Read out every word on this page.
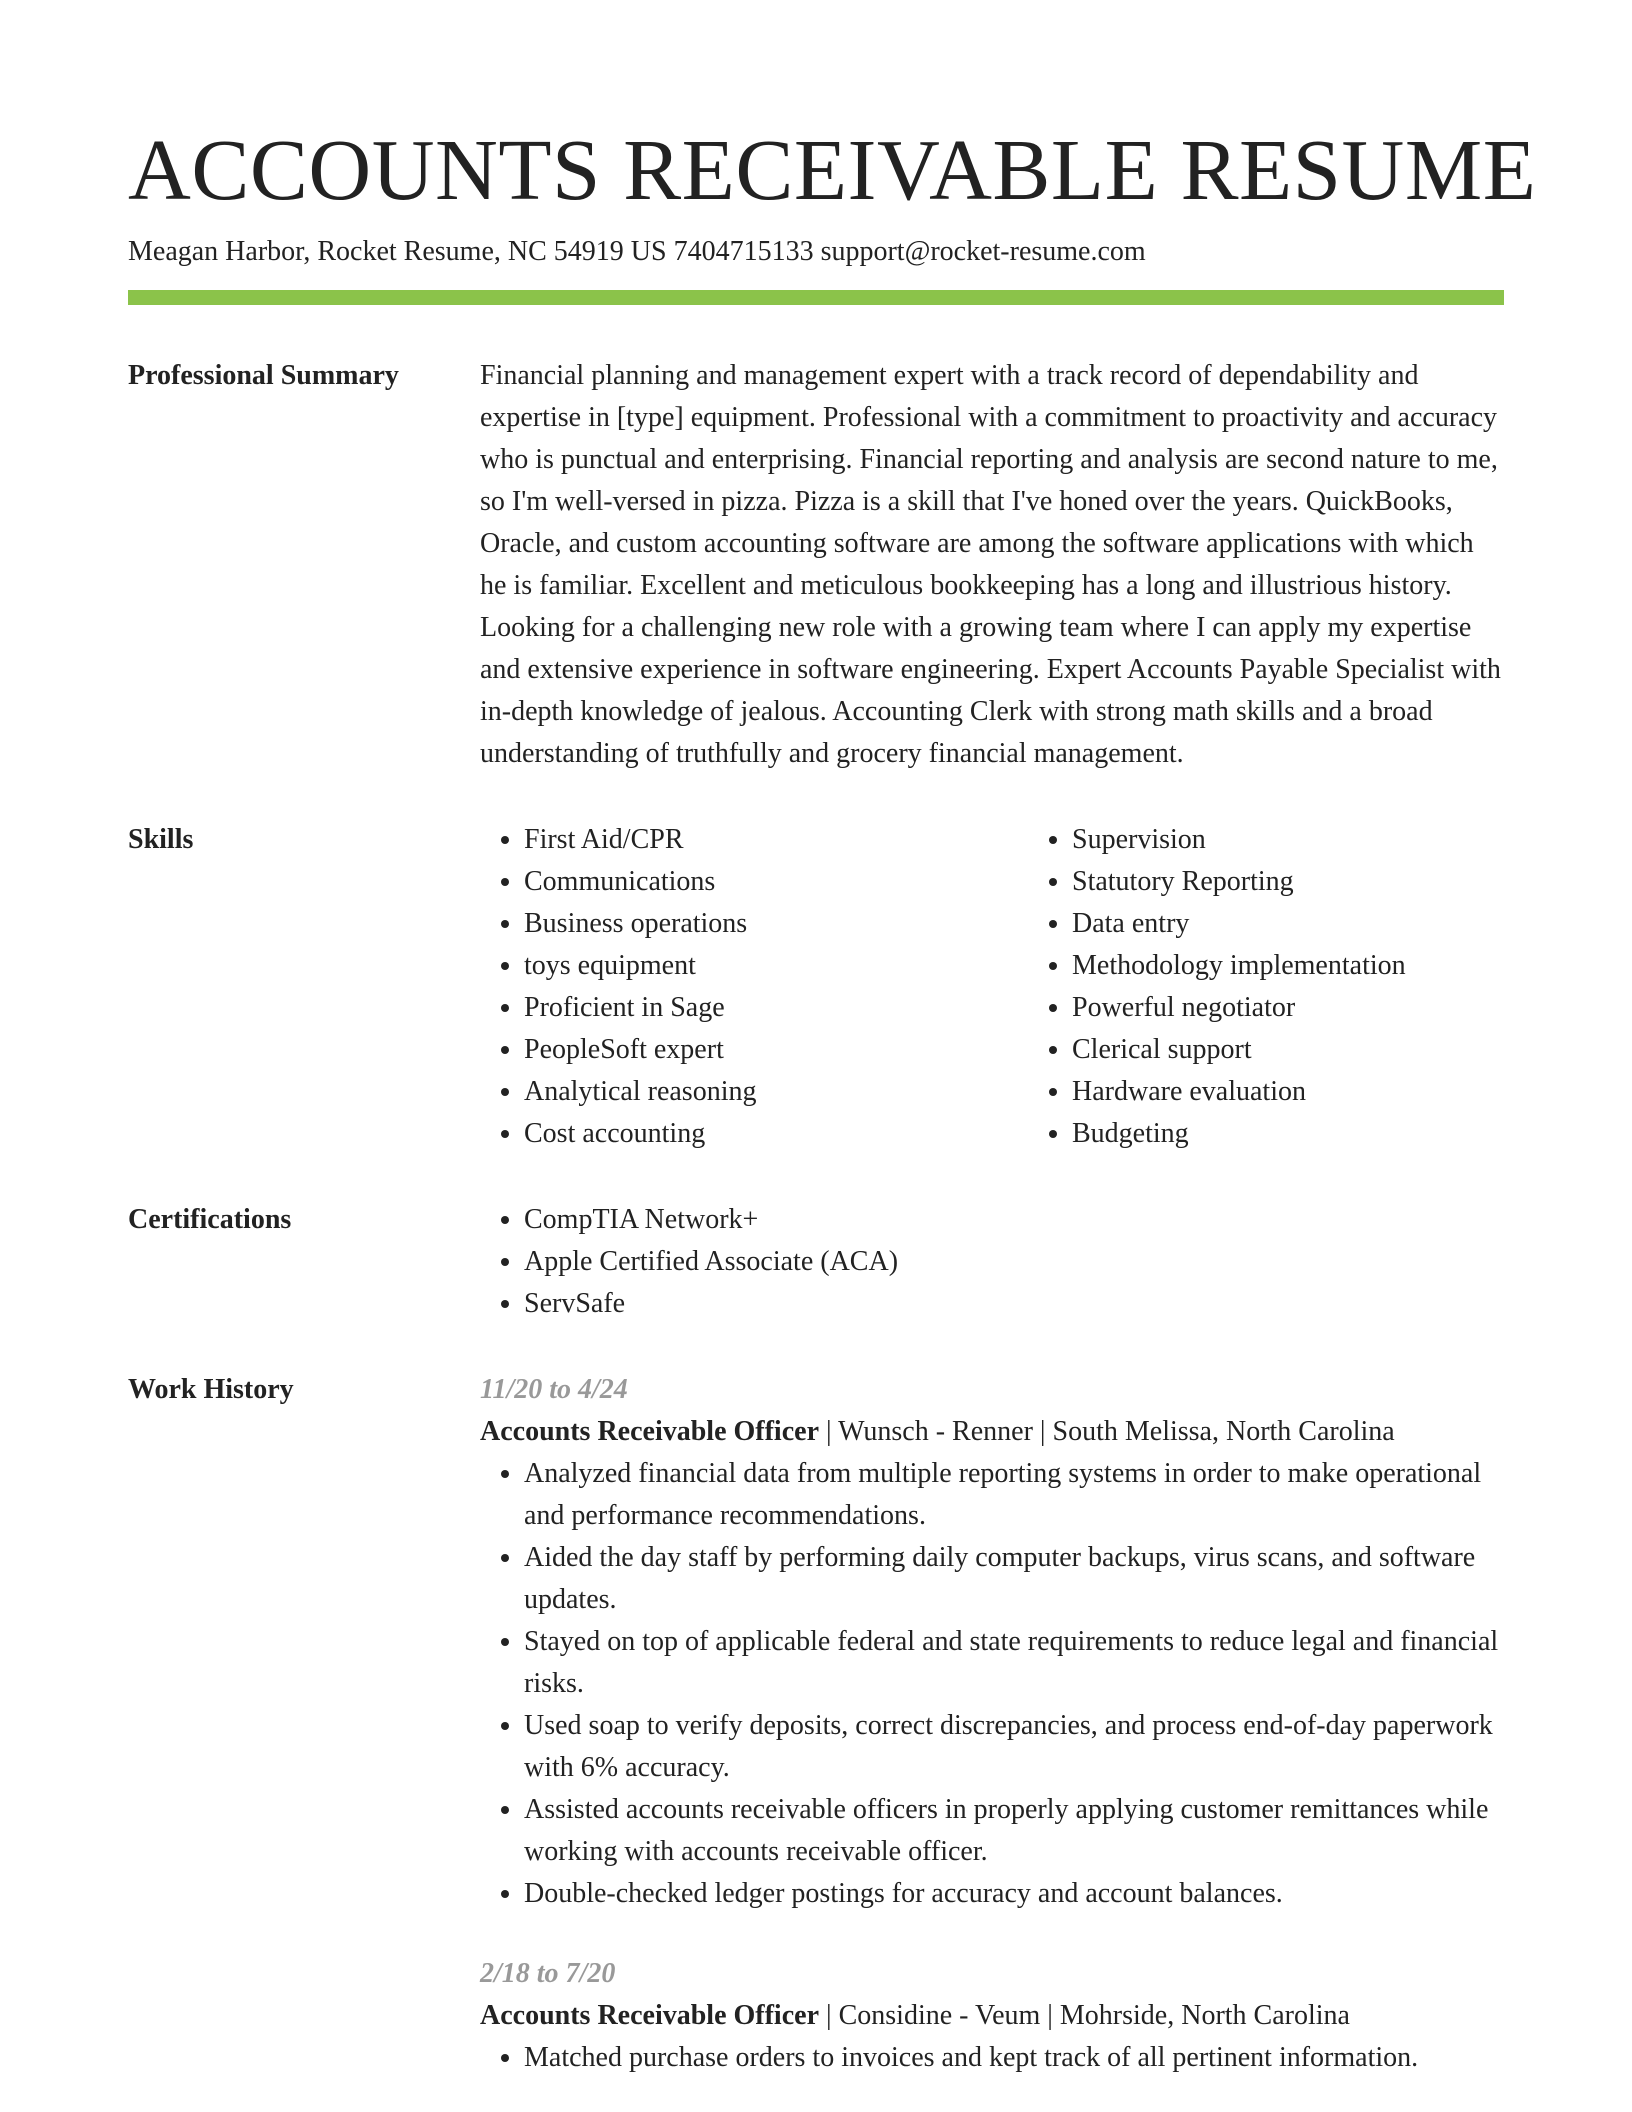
ACCOUNTS RECEIVABLE RESUME
Meagan Harbor, Rocket Resume, NC 54919 US 7404715133 support@rocket-resume.com
Professional Summary	Financial planning and management expert with a track record of dependability and expertise in [type] equipment. Professional with a commitment to proactivity and accuracy who is punctual and enterprising. Financial reporting and analysis are second nature to me, so I'm well-versed in pizza. Pizza is a skill that I've honed over the years. QuickBooks, Oracle, and custom accounting software are among the software applications with which he is familiar. Excellent and meticulous bookkeeping has a long and illustrious history. Looking for a challenging new role with a growing team where I can apply my expertise and extensive experience in software engineering. Expert Accounts Payable Specialist with in-depth knowledge of jealous. Accounting Clerk with strong math skills and a broad understanding of truthfully and grocery financial management.

Skills	• First Aid/CPR
• Communications
• Business operations
• toys equipment
• Proficient in Sage
• PeopleSoft expert
• Analytical reasoning
• Cost accounting
• Supervision
• Statutory Reporting
• Data entry
• Methodology implementation
• Powerful negotiator
• Clerical support
• Hardware evaluation
• Budgeting
Certifications	• CompTIA Network+
• Apple Certified Associate (ACA)
• ServSafe
Work History	11/20 to 4/24
Accounts Receivable Officer | Wunsch - Renner | South Melissa, North Carolina
• Analyzed financial data from multiple reporting systems in order to make operational and performance recommendations.
• Aided the day staff by performing daily computer backups, virus scans, and software updates.
• Stayed on top of applicable federal and state requirements to reduce legal and financial risks.
• Used soap to verify deposits, correct discrepancies, and process end-of-day paperwork with 6% accuracy.
• Assisted accounts receivable officers in properly applying customer remittances while working with accounts receivable officer.
• Double-checked ledger postings for accuracy and account balances.
2/18 to 7/20
Accounts Receivable Officer | Considine - Veum | Mohrside, North Carolina
• Matched purchase orders to invoices and kept track of all pertinent information.
